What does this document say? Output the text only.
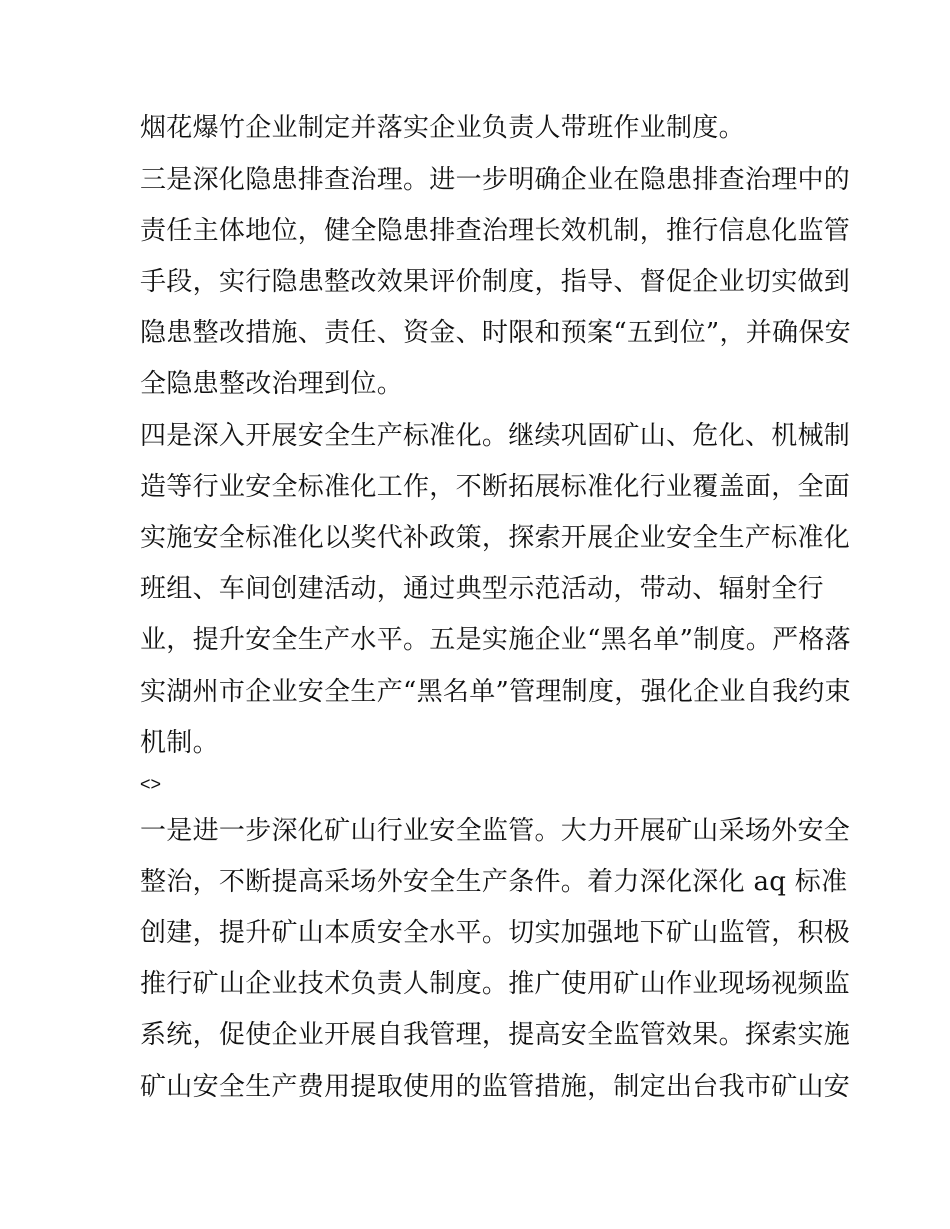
烟花爆竹企业制定并落实企业负责人带班作业制度。
三是深化隐患排查治理。进一步明确企业在隐患排查治理中的
责任主体地位，健全隐患排查治理长效机制，推行信息化监管
手段，实行隐患整改效果评价制度，指导、督促企业切实做到
隐患整改措施、责任、资金、时限和预案“五到位”，并确保安
全隐患整改治理到位。
四是深入开展安全生产标准化。继续巩固矿山、危化、机械制
造等行业安全标准化工作，不断拓展标准化行业覆盖面，全面
实施安全标准化以奖代补政策，探索开展企业安全生产标准化
班组、车间创建活动，通过典型示范活动，带动、辐射全行
业，提升安全生产水平。五是实施企业“黑名单”制度。严格落
实湖州市企业安全生产“黑名单”管理制度，强化企业自我约束
机制。
<>
一是进一步深化矿山行业安全监管。大力开展矿山采场外安全
整治，不断提高采场外安全生产条件。着力深化深化 aq 标准
创建，提升矿山本质安全水平。切实加强地下矿山监管，积极
推行矿山企业技术负责人制度。推广使用矿山作业现场视频监
系统，促使企业开展自我管理，提高安全监管效果。探索实施
矿山安全生产费用提取使用的监管措施，制定出台我市矿山安
